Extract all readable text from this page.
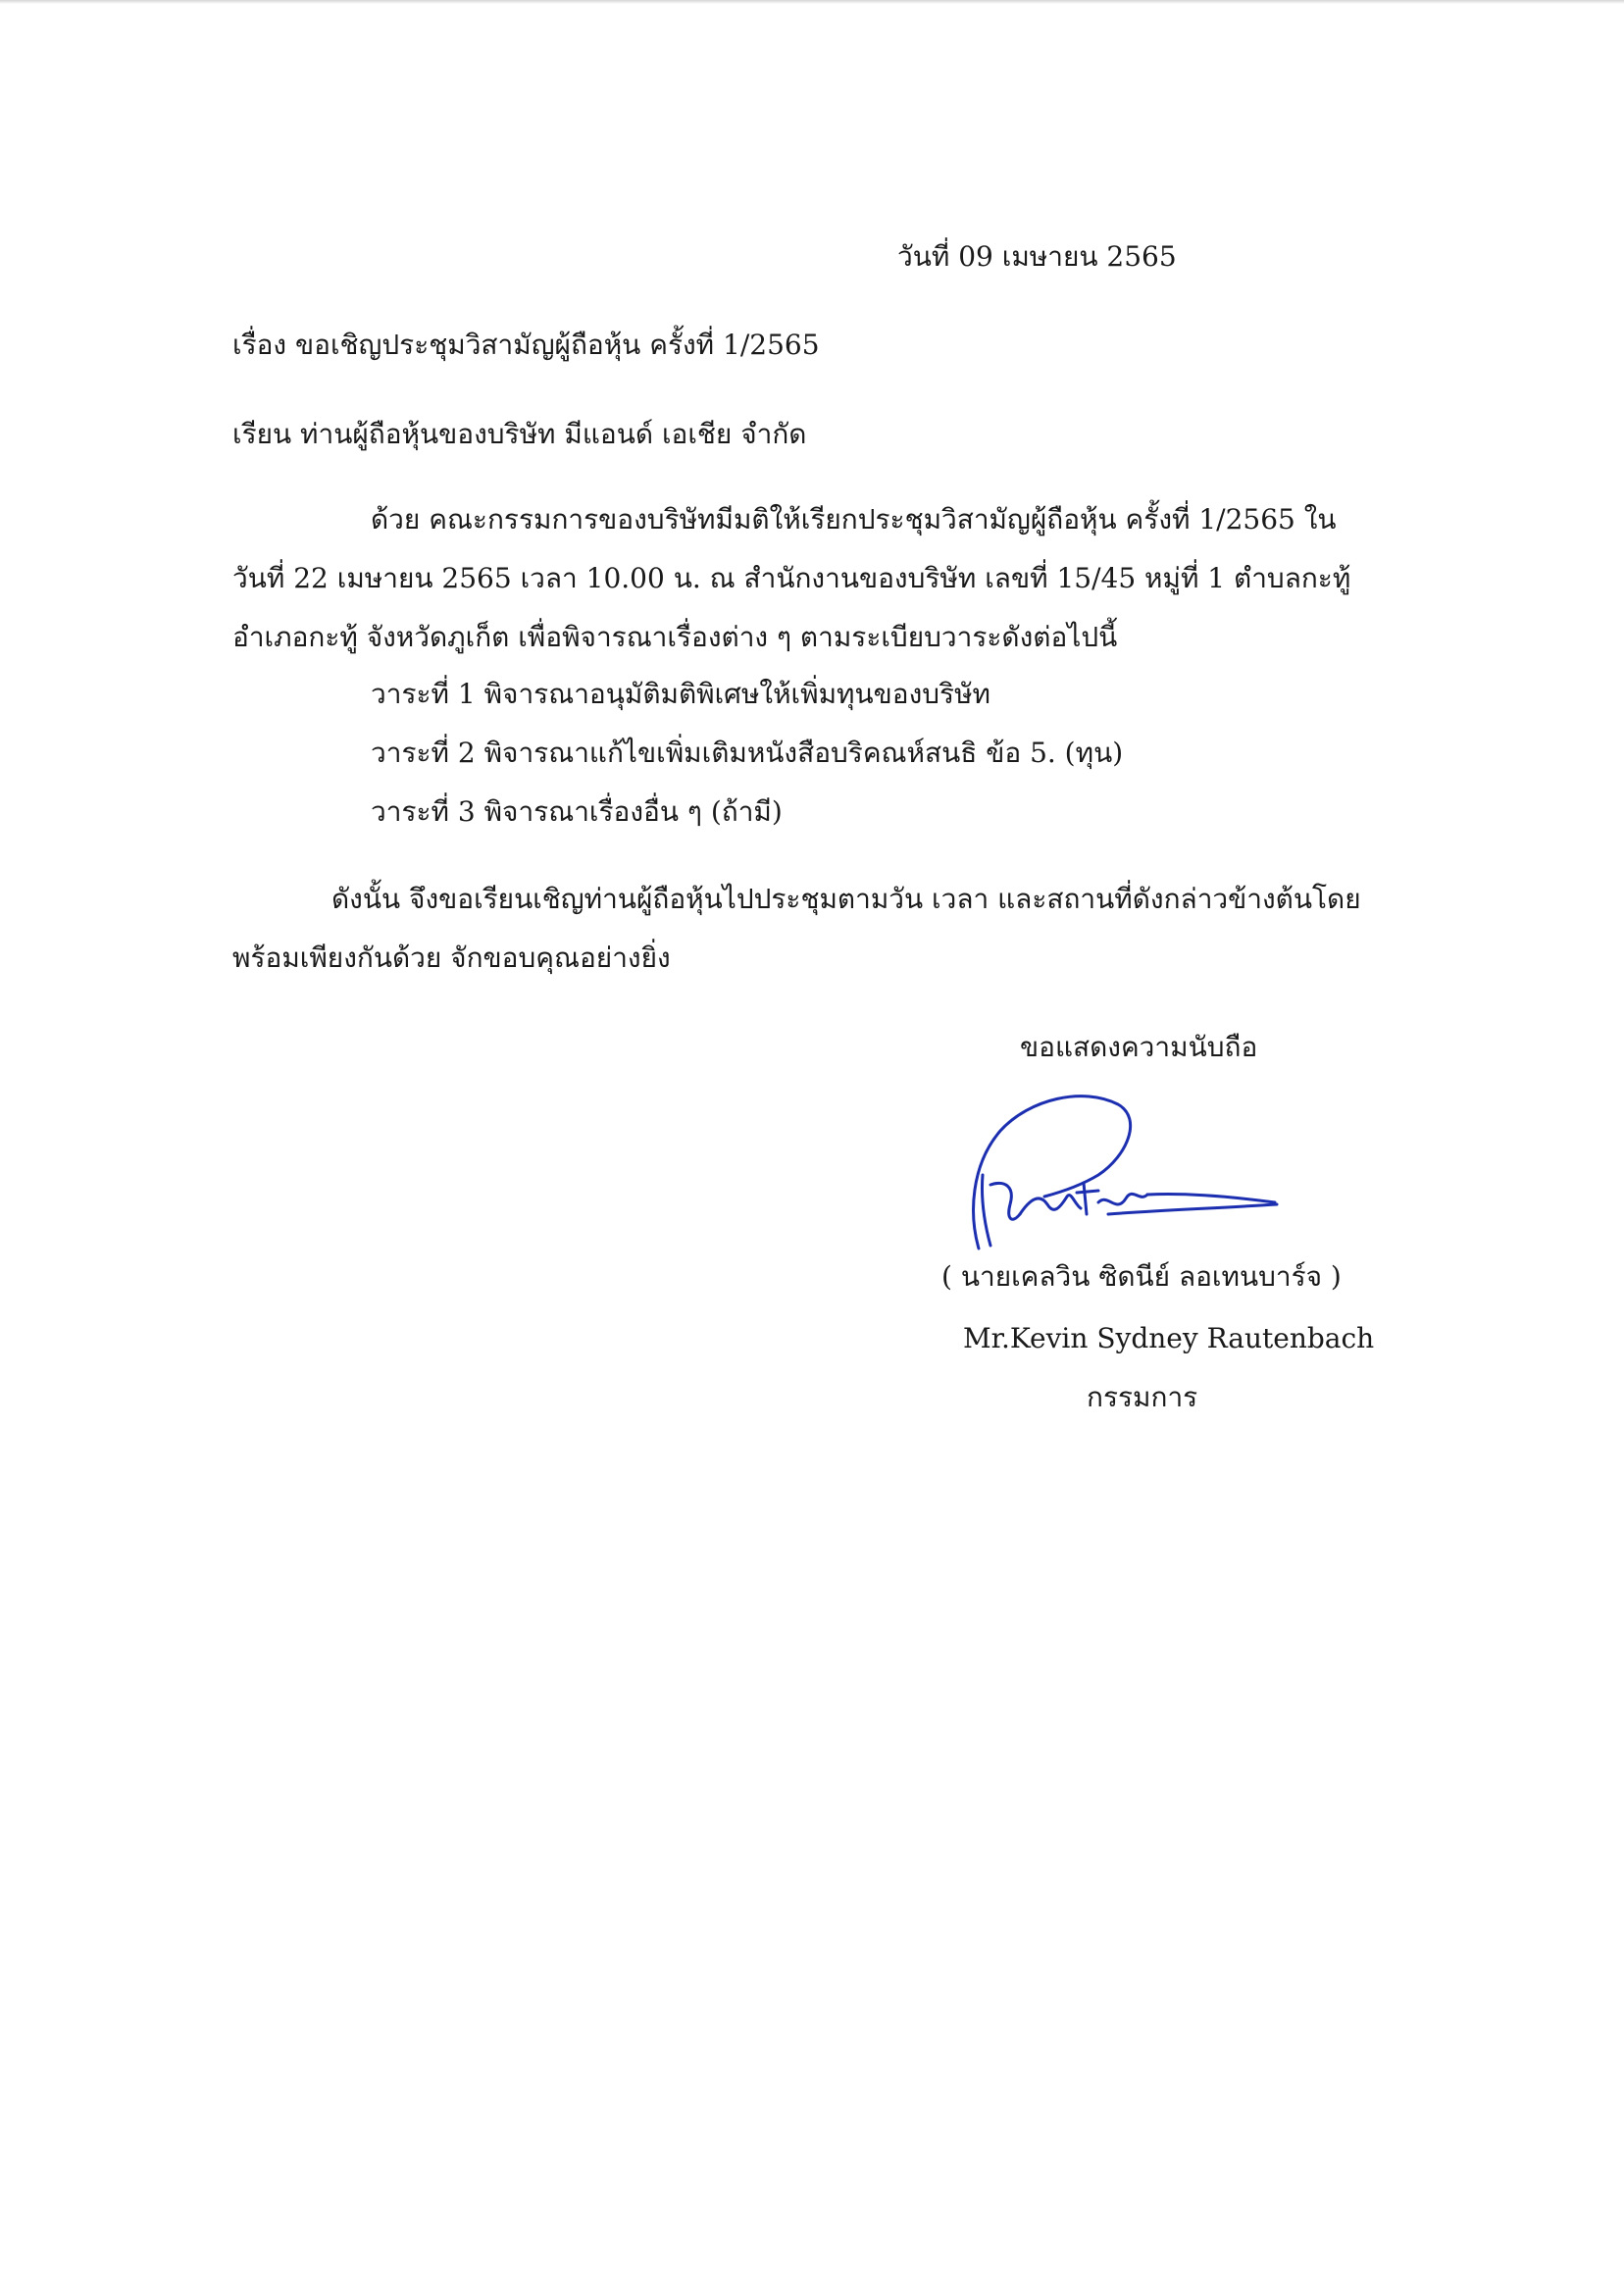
วันที่ 09 เมษายน 2565
เรื่อง ขอเชิญประชุมวิสามัญผู้ถือหุ้น ครั้งที่ 1/2565
เรียน ท่านผู้ถือหุ้นของบริษัท มีแอนด์ เอเชีย จำกัด
ด้วย คณะกรรมการของบริษัทมีมติให้เรียกประชุมวิสามัญผู้ถือหุ้น ครั้งที่ 1/2565 ใน
วันที่ 22 เมษายน 2565 เวลา 10.00 น. ณ สำนักงานของบริษัท เลขที่ 15/45 หมู่ที่ 1 ตำบลกะทู้
อำเภอกะทู้ จังหวัดภูเก็ต เพื่อพิจารณาเรื่องต่าง ๆ ตามระเบียบวาระดังต่อไปนี้
วาระที่ 1 พิจารณาอนุมัติมติพิเศษให้เพิ่มทุนของบริษัท
วาระที่ 2 พิจารณาแก้ไขเพิ่มเติมหนังสือบริคณห์สนธิ ข้อ 5. (ทุน)
วาระที่ 3 พิจารณาเรื่องอื่น ๆ (ถ้ามี)
ดังนั้น จึงขอเรียนเชิญท่านผู้ถือหุ้นไปประชุมตามวัน เวลา และสถานที่ดังกล่าวข้างต้นโดย
พร้อมเพียงกันด้วย จักขอบคุณอย่างยิ่ง
ขอแสดงความนับถือ
( นายเคลวิน ซิดนีย์ ลอเทนบาร์จ )
Mr.Kevin Sydney Rautenbach
กรรมการ
